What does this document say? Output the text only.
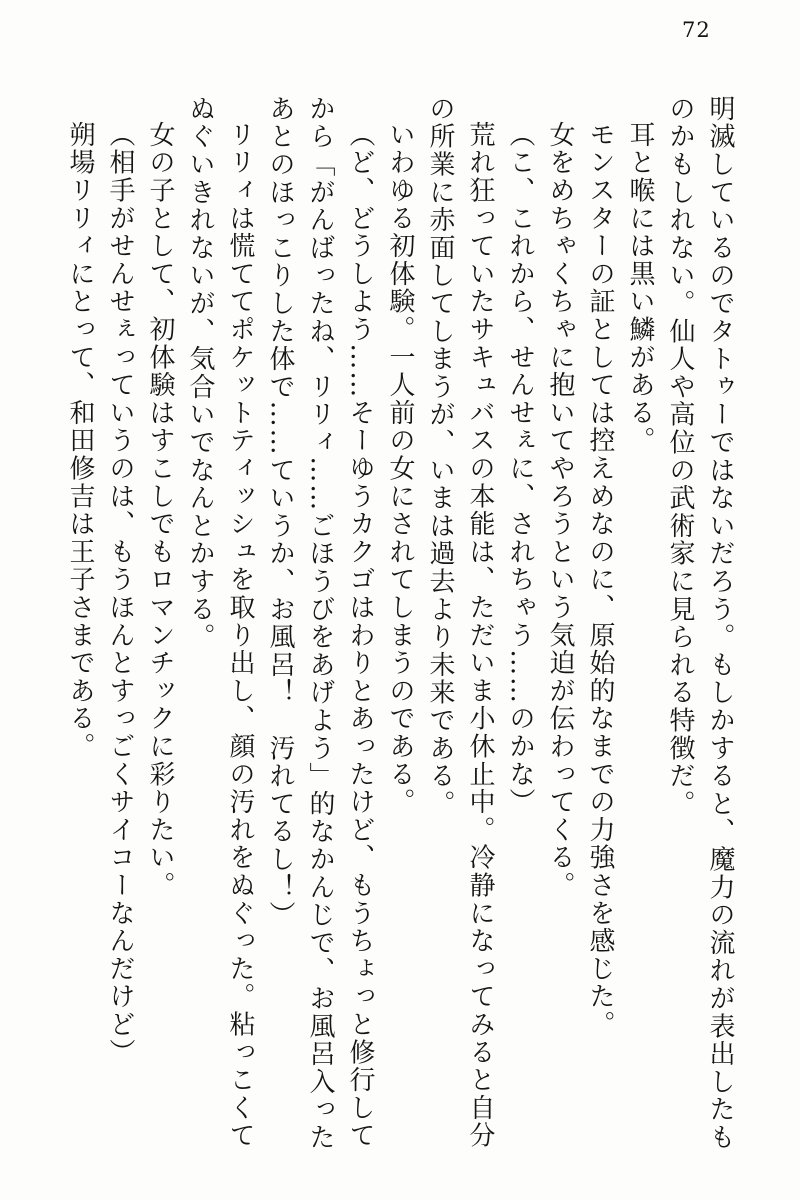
72

明滅しているのでタトゥーではないだろう。もしかすると、魔力の流れが表出したものかもしれない。仙人や高位の武術家に見られる特徴だ。

耳と喉には黒い鱗がある。

モンスターの証としては控えめなのに、原始的なまでの力強さを感じた。

女をめちゃくちゃに抱いてやろうという気迫が伝わってくる。

（こ、これから、せんせぇに、されちゃう……のかな）

荒れ狂っていたサキュバスの本能は、ただいま小休止中。冷静になってみると自分の所業に赤面してしまうが、いまは過去より未来である。

いわゆる初体験。一人前の女にされてしまうのである。

（ど、どうしよう……そーゆうカクゴはわりとあったけど、もうちょっと修行してから「がんばったね、リリィ……ごほうびをあげよう」的なかんじで、お風呂入ったあとのほっこりした体で……ていうか、お風呂！　汚れてるし！）

リリィは慌ててポケットティッシュを取り出し、顔の汚れをぬぐった。粘っこくてぬぐいきれないが、気合いでなんとかする。

女の子として、初体験はすこしでもロマンチックに彩りたい。

（相手がせんせぇっていうのは、もうほんとすっごくサイコーなんだけど）

朔場リリィにとって、和田修吉は王子さまである。
